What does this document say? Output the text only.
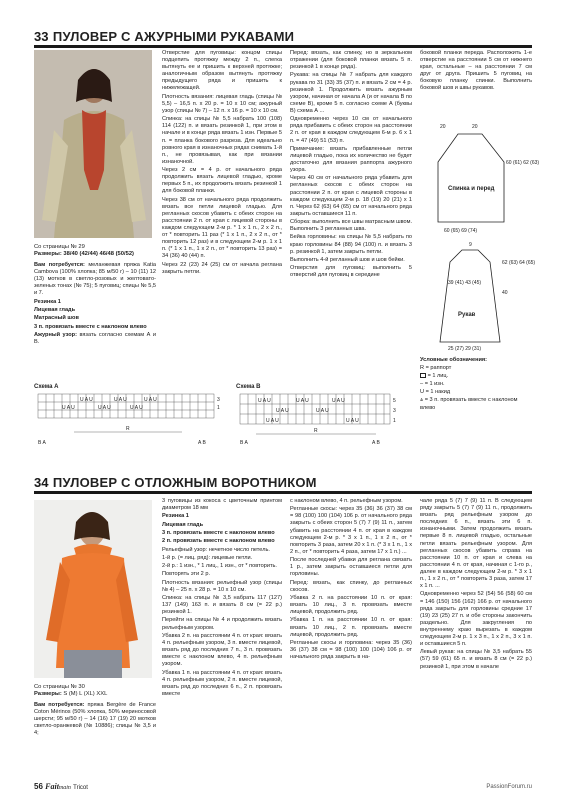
33 ПУЛОВЕР С АЖУРНЫМИ РУКАВАМИ
Со страницы № 29
Размеры: 38/40 (42/44) 46/48 (50/52)

Вам потребуется: меланжевая пряжа Katia Cambova (100% хлопка; 85 м/50 г) – 10 (11) 12 (13) мотков в светло-розовых и желтовато-зеленых тонах (№ 75); 5 пуговиц; спицы № 5,5 и 7.

Резинка 1

Лицевая гладь

Матрасный шов

3 п. провязать вместе с наклоном влево

Ажурный узор: вязать согласно схемам А и В.

Отверстие для пуговицы: концом спицы подцепить протяжку между 2 п., слегка вытянуть ее и пришить к верхней протяжке; аналогичным образом вытянуть протяжку предыдущего ряда и пришить к нижележащей.

Плотность вязания: лицевая гладь (спицы № 5,5) – 16,5 п. x 20 р. = 10 x 10 см; ажурный узор (спицы № 7) – 12 п. x 16 р. = 10 x 10 см.

Спинка: на спицы № 5,5 набрать 100 (108) 114 (122) п. и вязать резинкой 1, при этом в начале и в конце ряда вязать 1 изн. Первые 5 п. = планка бокового разреза. Для идеально ровного края в изнаночных рядах снимать 1-й п., не провязывая, как при вязании изнаночной.

Через 2 см = 4 р. от начального ряда продолжить вязать лицевой гладью, кроме первых 5 п., их продолжить вязать резинкой 1 для боковой планки.

Через 38 см от начального ряда продолжить вязать все петли лицевой гладью. Для регланных скосов убавить с обеих сторон на расстоянии 2 п. от края с лицевой стороны в каждом следующем 2-м р. * 1 x 1 п., 2 x 2 п., от * повторить 11 раз (* 1 x 1 п., 2 x 2 п., от * повторить 12 раз) и в следующем 2-м р. 1 x 1 п. (* 1 x 1 п., 1 x 2 п., от * повторить 13 раз) = 34 (36) 40 (44) п.

Через 22 (23) 24 (25) см от начала реглана закрыть петли.

Перед: вязать, как спинку, но в зеркальном отражении (для боковой планки вязать 5 п. резинкой 1 в конце ряда).

Рукава: на спицы № 7 набрать для каждого рукава по 31 (33) 35 (37) п. и вязать 2 см = 4 р. резинкой 1. Продолжить вязать ажурным узором, начиная от начала А (и от начала В по схеме В), кроме 5 п. согласно схеме А (буквы В) схема А ...

Одновременно через 10 см от начального ряда прибавить с обеих сторон на расстоянии 2 п. от края в каждом следующем 6-м р. 6 x 1 п. = 47 (49) 51 (53) п.

Примечание: вязать прибавленные петли лицевой гладью, пока их количество не будет достаточно для вязания раппорта ажурного узора.

Через 40 см от начального ряда убавить для регланных скосов с обеих сторон на расстоянии 2 п. от края с лицевой стороны в каждом следующем 2-м р. 18 (19) 20 (21) x 1 п. Через 62 (63) 64 (65) см от начального ряда закрыть оставшиеся 11 п.

Сборка: выполнить все швы матрасным швом. Выполнить 3 регланных шва.

Бейка горловины: на спицы № 5,5 набрать по краю горловины 84 (88) 94 (100) п. и вязать 3 р. резинкой 1, затем закрыть петли.

Выполнить 4-й регланный шов и шов бейки.

Отверстия для пуговиц: выполнить 5 отверстий для пуговиц в середине

боковой планки переда. Расположить 1-е отверстие на расстоянии 5 см от нижнего края, остальные – на расстоянии 7 см друг от друга. Пришить 5 пуговиц на боковую планку спинки. Выполнить боковой шов и швы рукавов.

20	20
60 (61) 62 (63)
Спинка и перед
60 (65) 69 (74)
9
62 (63) 64 (65)
40
39 (41) 43 (45)
Рукав
25 (27) 29 (31)
Условные обозначения:
R = раппорт
= 1 лиц.
– = 1 изн.
U = 1 накид
⩓ = 3 п. провязать вместе с наклоном влево
Схема А	Схема В
U A U	U A U	U A U
U A U	U A U	U A U
3
1
R
B A	A B
U A U	U A U	U A U
U A U	U A U
U A U	U A U
5
3
1
R
B A	A B
34 ПУЛОВЕР С ОТЛОЖНЫМ ВОРОТНИКОМ
Со страницы № 30
Размеры: S (M) L (XL) XXL

Вам потребуется: пряжа Bergère de France Coton Mérinos (50% хлопка, 50% мериносовой шерсти; 95 м/50 г) – 14 (16) 17 (19) 20 мотков светло-оранжевой (№ 10886); спицы № 3,5 и 4;

3 пуговицы из кокоса с цветочным принтом диаметром 18 мм

Резинка 1

Лицевая гладь

3 п. провязать вместе с наклоном влево

2 п. провязать вместе с наклоном влево

Рельефный узор: нечетное число петель.

1-й р. (= лиц. ряд): лицевые петли.

2-й р.: 1 изн., * 1 лиц., 1 изн., от * повторить.

Повторять эти 2 р.

Плотность вязания: рельефный узор (спицы № 4) – 25 п. x 28 р. = 10 x 10 см.

Спинка: на спицы № 3,5 набрать 117 (127) 137 (149) 163 п. и вязать 8 см (= 22 р.) резинкой 1.

Перейти на спицы № 4 и продолжить вязать рельефным узором.

Убавка 2 п. на расстоянии 4 п. от края: вязать 4 п. рельефным узором, 3 п. вместе лицевой, вязать ряд до последних 7 п., 3 п. провязать вместе с наклоном влево, 4 п. рельефным узором.

Убавка 1 п. на расстоянии 4 п. от края: вязать 4 п. рельефным узором, 2 п. вместе лицевой, вязать ряд до последних 6 п., 2 п. провязать вместе

с наклоном влево, 4 п. рельефным узором.

Регланные скосы: через 35 (36) 36 (37) 38 см = 98 (100) 100 (104) 106 р. от начального ряда закрыть с обеих сторон 5 (7) 7 (9) 11 п., затем убавить на расстоянии 4 п. от края в каждом следующем 2-м р. * 3 x 1 п., 1 x 2 п., от * повторить 3 раза, затем 20 x 1 п. (* 3 x 1 п., 1 x 2 п., от * повторить 4 раза, затем 17 x 1 п.) ...

После последней убавки для реглана связать 1 р., затем закрыть оставшиеся петли для горловины.

Перед: вязать, как спинку, до регланных скосов.

Убавка 2 п. на расстоянии 10 п. от края: вязать 10 лиц., 3 п. провязать вместе лицевой, продолжить ряд.

Убавка 1 п. на расстоянии 10 п. от края: вязать 10 лиц., 2 п. провязать вместе лицевой, продолжить ряд.

Регланные скосы и горловина: через 35 (36) 36 (37) 38 см = 98 (100) 100 (104) 106 р. от начального ряда закрыть в на-

чале ряда 5 (7) 7 (9) 11 п. В следующем ряду закрыть 5 (7) 7 (9) 11 п., продолжить вязать ряд рельефным узором до последних 6 п., вязать эти 6 п. изнаночными. Затем продолжить вязать первые 8 п. лицевой гладью, остальные петли вязать рельефным узором. Для регланных скосов убавить справа на расстоянии 10 п. от края и слева на расстоянии 4 п. от края, начиная с 1-го р., далее в каждом следующем 2-м р. * 3 x 1 п., 1 x 2 п., от * повторить 3 раза, затем 17 x 1 п. ...

Одновременно через 52 (54) 56 (58) 60 см = 146 (150) 156 (162) 166 р. от начального ряда закрыть для горловины средние 17 (19) 23 (25) 27 п. и обе стороны закончить раздельно. Для закругления по внутреннему краю вырезать в каждом следующем 2-м р. 1 x 3 п., 1 x 2 п., 3 x 1 п. и оставшиеся 5 п.

Левый рукав: на спицы № 3,5 набрать 55 (57) 59 (61) 65 п. и вязать 8 см (= 22 р.) резинкой 1, при этом в начале

56 Faitmain Tricot	PassionForum.ru
